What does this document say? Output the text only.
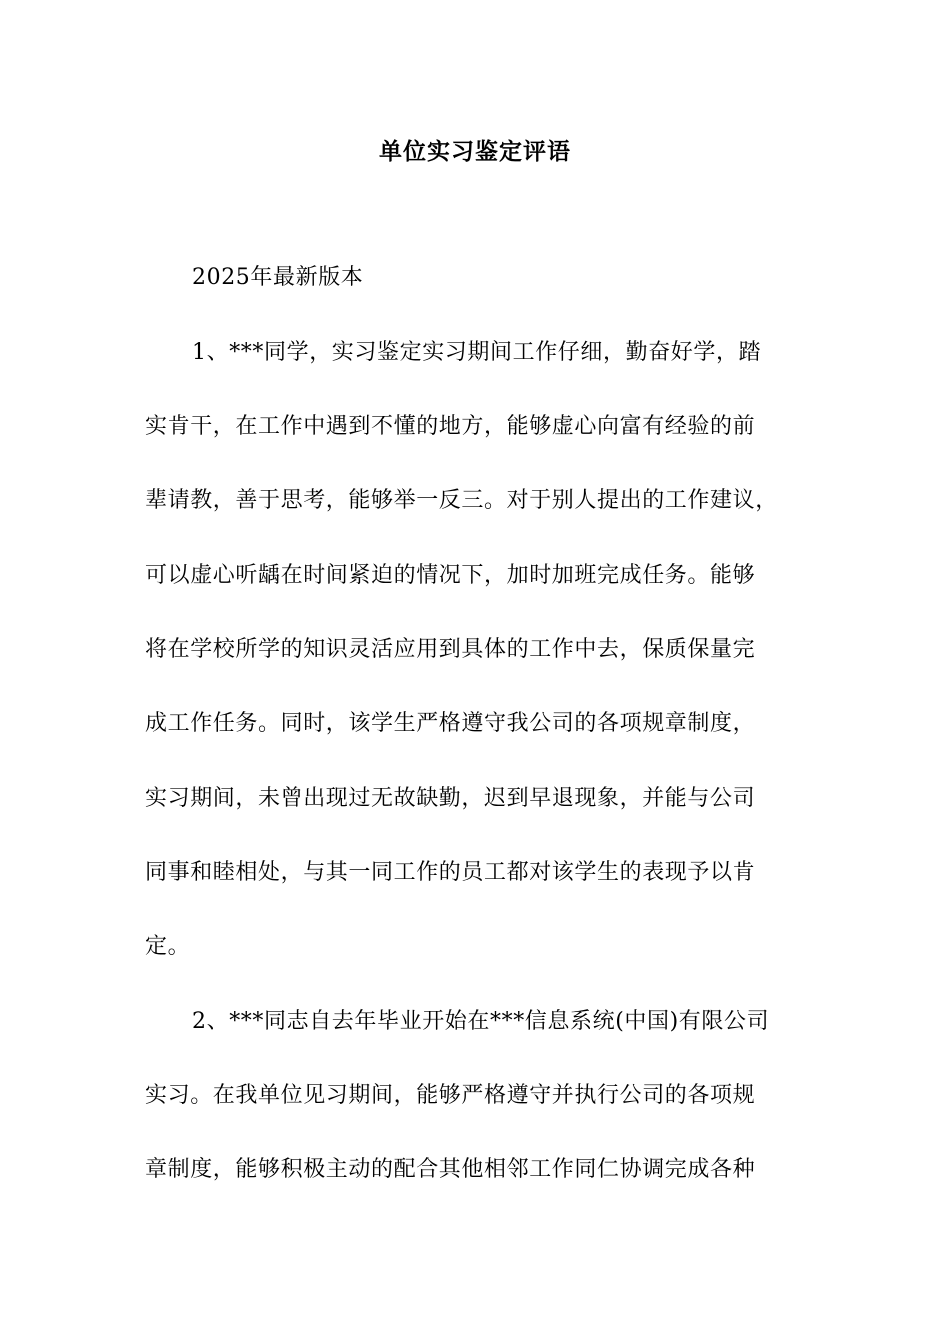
单位实习鉴定评语
2025年最新版本
1、***同学，实习鉴定实习期间工作仔细，勤奋好学，踏
实肯干，在工作中遇到不懂的地方，能够虚心向富有经验的前
辈请教，善于思考，能够举一反三。对于别人提出的工作建议，
可以虚心听龋在时间紧迫的情况下，加时加班完成任务。能够
将在学校所学的知识灵活应用到具体的工作中去，保质保量完
成工作任务。同时，该学生严格遵守我公司的各项规章制度，
实习期间，未曾出现过无故缺勤，迟到早退现象，并能与公司
同事和睦相处，与其一同工作的员工都对该学生的表现予以肯
定。
2、***同志自去年毕业开始在***信息系统(中国)有限公司
实习。在我单位见习期间，能够严格遵守并执行公司的各项规
章制度，能够积极主动的配合其他相邻工作同仁协调完成各种
